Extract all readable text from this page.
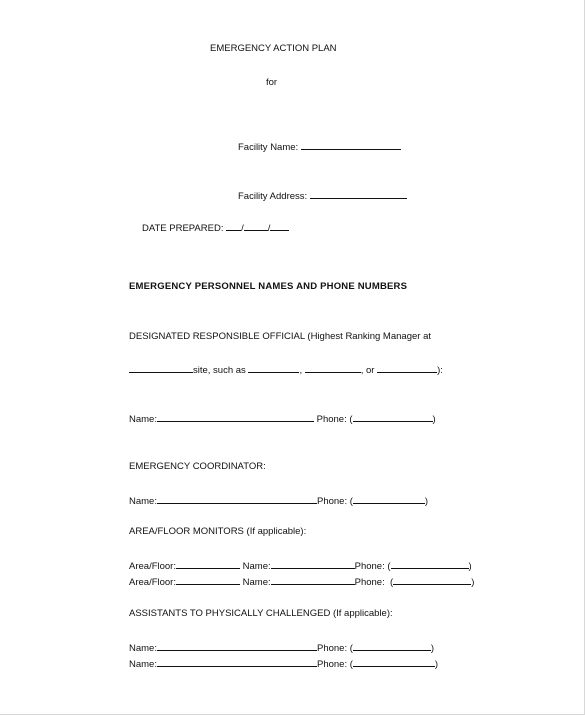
EMERGENCY ACTION PLAN
for
Facility Name:
Facility Address:
DATE PREPARED: /	/
EMERGENCY PERSONNEL NAMES AND PHONE NUMBERS
DESIGNATED RESPONSIBLE OFFICIAL (Highest Ranking Manager at
site, such as	,	, or	):
Name:	Phone: (	)
EMERGENCY COORDINATOR:
Name:	Phone: (	)
AREA/FLOOR MONITORS (If applicable):
Area/Floor:	Name:	Phone: (	)
Area/Floor:	Name:	Phone:  (	)
ASSISTANTS TO PHYSICALLY CHALLENGED (If applicable):
Name:	Phone: (	)
Name:	Phone: (	)
